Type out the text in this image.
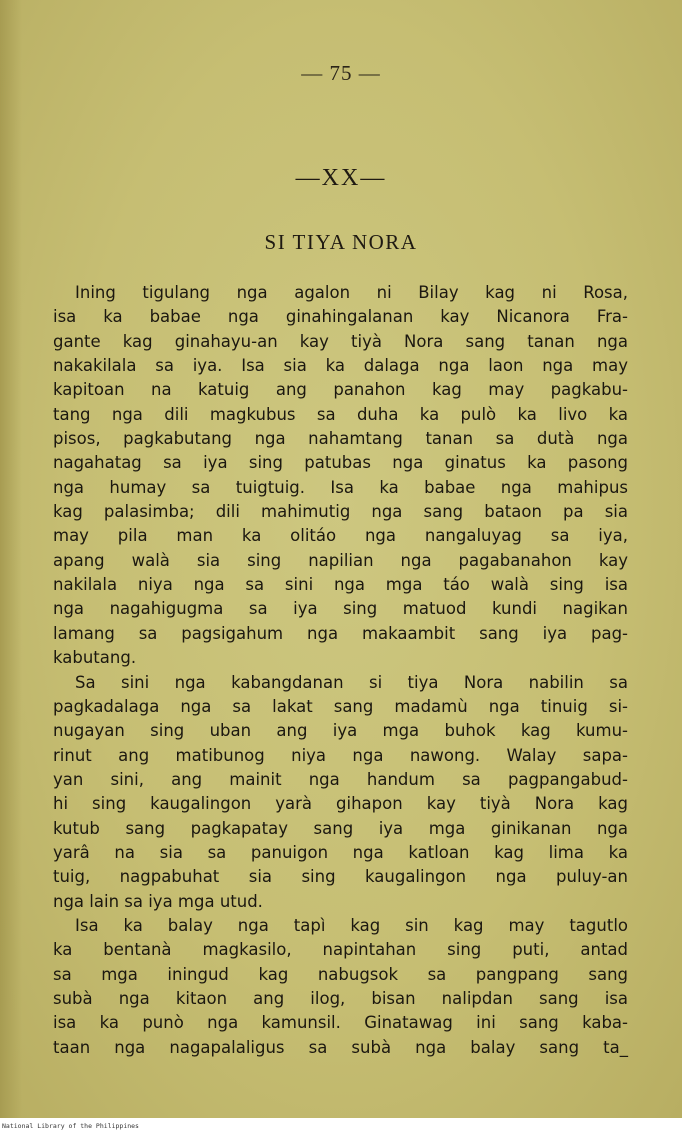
— 75 —
—XX—
SI TIYA NORA
Ining tigulang nga agalon ni Bilay kag ni Rosa,
isa ka babae nga ginahingalanan kay Nicanora Fra-
gante kag ginahayu-an kay tiyà Nora sang tanan nga
nakakilala sa iya. Isa sia ka dalaga nga laon nga may
kapitoan na katuig ang panahon kag may pagkabu-
tang nga dili magkubus sa duha ka pulò ka livo ka
pisos, pagkabutang nga nahamtang tanan sa dutà nga
nagahatag sa iya sing patubas nga ginatus ka pasong
nga humay sa tuigtuig. Isa ka babae nga mahipus
kag palasimba; dili mahimutig nga sang bataon pa sia
may pila man ka olitáo nga nangaluyag sa iya,
apang walà sia sing napilian nga pagabanahon kay
nakilala niya nga sa sini nga mga táo walà sing isa
nga nagahigugma sa iya sing matuod kundi nagikan
lamang sa pagsigahum nga makaambit sang iya pag-
kabutang.
Sa sini nga kabangdanan si tiya Nora nabilin sa
pagkadalaga nga sa lakat sang madamù nga tinuig si-
nugayan sing uban ang iya mga buhok kag kumu-
rinut ang matibunog niya nga nawong. Walay sapa-
yan sini, ang mainit nga handum sa pagpangabud-
hi sing kaugalingon yarà gihapon kay tiyà Nora kag
kutub sang pagkapatay sang iya mga ginikanan nga
yarâ na sia sa panuigon nga katloan kag lima ka
tuig, nagpabuhat sia sing kaugalingon nga puluy-an
nga lain sa iya mga utud.
Isa ka balay nga tapì kag sin kag may tagutlo
ka bentanà magkasilo, napintahan sing puti, antad
sa mga iningud kag nabugsok sa pangpang sang
subà nga kitaon ang ilog, bisan nalipdan sang isa
isa ka punò nga kamunsil. Ginatawag ini sang kaba-
taan nga nagapalaligus sa subà nga balay sang ta_
National Library of the Philippines
